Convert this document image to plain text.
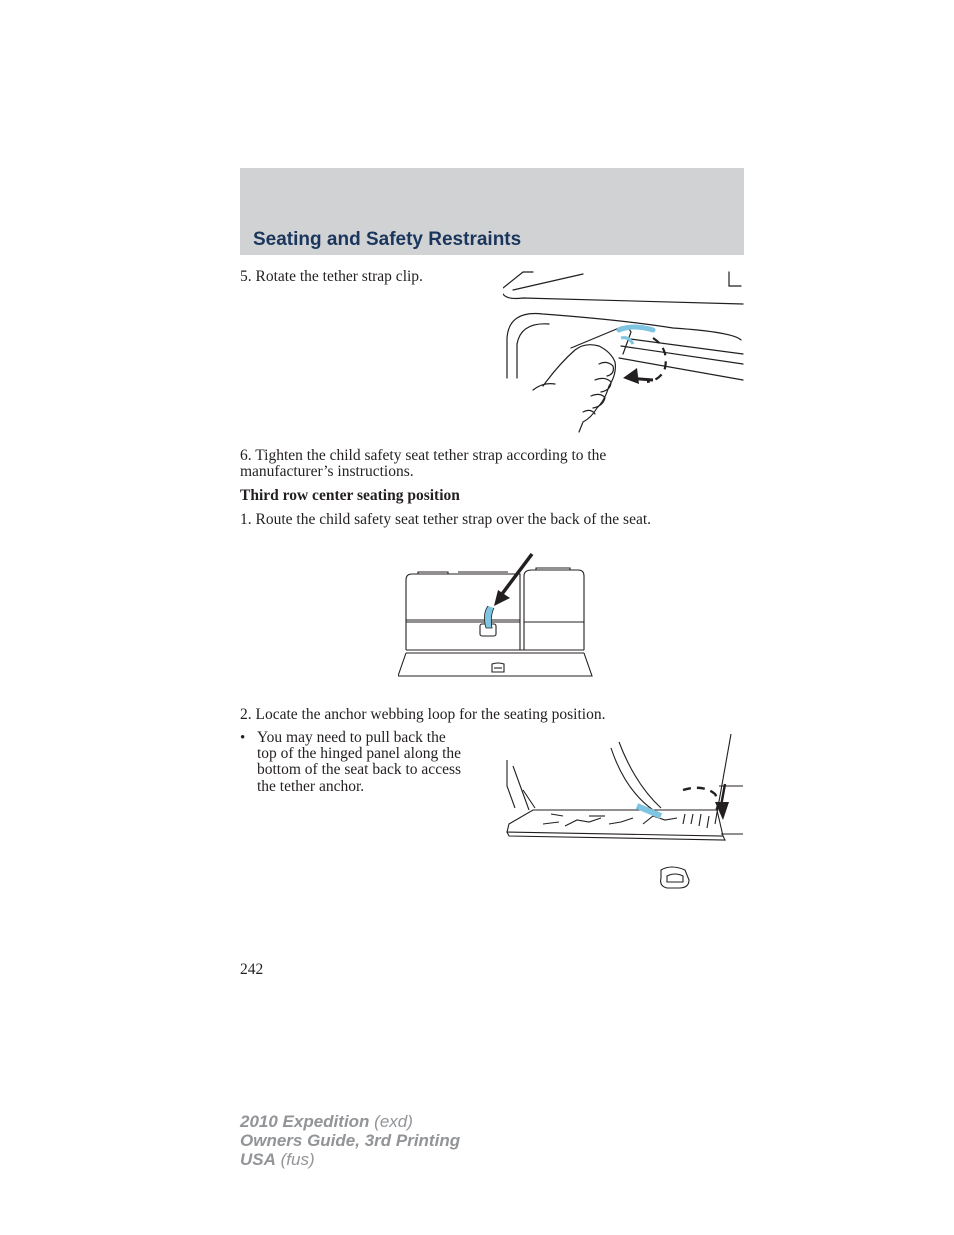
Seating and Safety Restraints

5. Rotate the tether strap clip.

6. Tighten the child safety seat tether strap according to the

manufacturer’s instructions.

Third row center seating position

1. Route the child safety seat tether strap over the back of the seat.

2. Locate the anchor webbing loop for the seating position.

• You may need to pull back the

top of the hinged panel along the

bottom of the seat back to access

the tether anchor.

242

2010 Expedition (exd)
Owners Guide, 3rd Printing
USA (fus)
